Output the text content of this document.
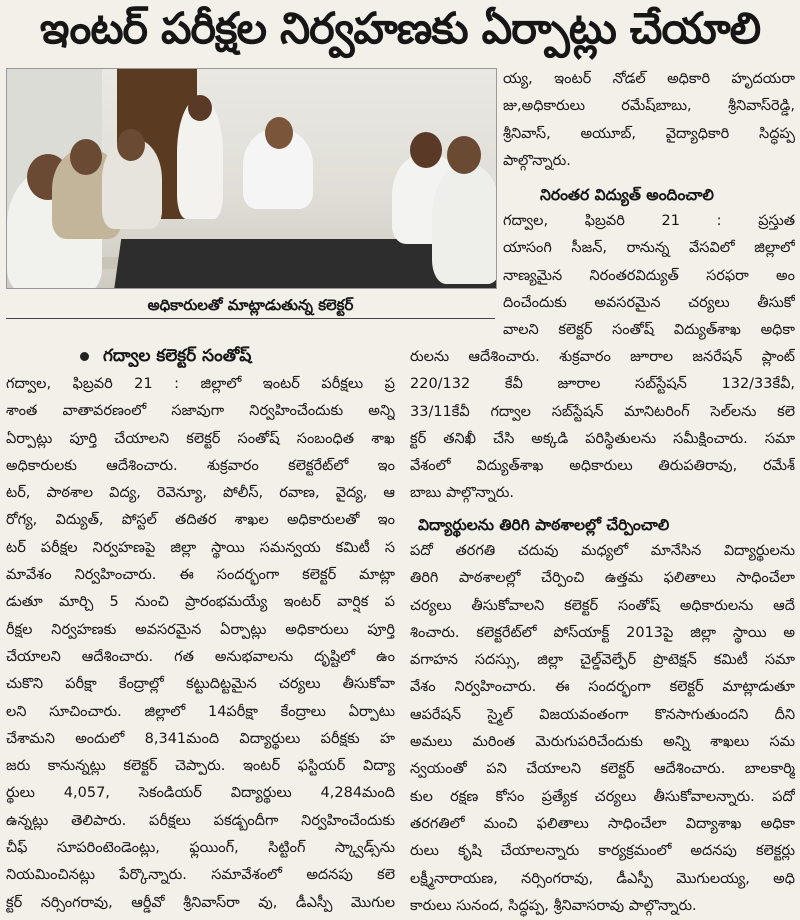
ఇంటర్ పరీక్షల నిర్వహణకు ఏర్పాట్లు చేయాలి
అధికారులతో మాట్లాడుతున్న కలెక్టర్
గద్వాల కలెక్టర్ సంతోష్
గద్వాల, ఫిబ్రవరి 21 : జిల్లాలో ఇంటర్ పరీక్షలు ప్ర
శాంత వాతావరణంలో సజావుగా నిర్వహించేందుకు అన్ని
ఏర్పాట్లు పూర్తి చేయాలని కలెక్టర్ సంతోష్ సంబంధిత శాఖ
అధికారులకు ఆదేశించారు. శుక్రవారం కలెక్టరేట్‌లో ఇం
టర్, పాఠశాల విద్య, రెవెన్యూ, పోలీస్, రవాణ, వైద్య, ఆ
రోగ్య, విద్యుత్, పోస్టల్ తదితర శాఖల అధికారులతో ఇం
టర్ పరీక్షల నిర్వహణపై జిల్లా స్థాయి సమన్వయ కమిటీ స
మావేశం నిర్వహించారు. ఈ సందర్భంగా కలెక్టర్ మాట్లా
డుతూ మార్చి 5 నుంచి ప్రారంభమయ్యే ఇంటర్ వార్షిక ప
రీక్షల నిర్వహణకు అవసరమైన ఏర్పాట్లు అధికారులు పూర్తి
చేయాలని ఆదేశించారు. గత అనుభవాలను దృష్టిలో ఉం
చుకొని పరీక్షా కేంద్రాల్లో కట్టుదిట్టమైన చర్యలు తీసుకోవా
లని సూచించారు. జిల్లాలో 14పరీక్షా కేంద్రాలు ఏర్పాటు
చేశామని అందులో 8,341మంది విద్యార్థులు పరీక్షకు హ
జరు కానున్నట్లు కలెక్టర్ చెప్పారు. ఇంటర్ ఫస్టియర్ విద్యా
ర్థులు 4,057, సెకండియర్ విద్యార్థులు 4,284మంది
ఉన్నట్లు తెలిపారు. పరీక్షలు పకడ్బందీగా నిర్వహించేందుకు
చీఫ్ సూపరింటెండెంట్లు, ఫ్లయింగ్, సిట్టింగ్ స్క్వాడ్స్‌ను
నియమించినట్లు పేర్కొన్నారు. సమావేశంలో అదనపు కలె
క్టర్ నర్సింగరావు, ఆర్డీవో శ్రీనివాస్‌రా వు, డీఎస్పీ మొగుల
య్య, ఇంటర్ నోడల్ అధికారి హృదయరా
జు,అధికారులు రమేష్‌బాబు, శ్రీనివాస్‌రెడ్డి,
శ్రీనివాస్, అయూబ్, వైద్యాధికారి సిద్ధప్ప
పాల్గొన్నారు.
నిరంతర విద్యుత్ అందించాలి
గద్వాల, ఫిబ్రవరి 21 : ప్రస్తుత
యాసంగి సీజన్, రానున్న వేసవిలో జిల్లాలో
నాణ్యమైన నిరంతరవిద్యుత్ సరఫరా అం
దించేందుకు అవసరమైన చర్యలు తీసుకో
వాలని కలెక్టర్ సంతోష్ విద్యుత్‌శాఖ అధికా
రులను ఆదేశించారు. శుక్రవారం జూరాల జనరేషన్ ప్లాంట్
220/132 కేవీ జూరాల సబ్‌స్టేషన్ 132/33కేవీ,
33/11కేవీ గద్వాల సబ్‌స్టేషన్ మానిటరింగ్ సెల్‌లను కలె
క్టర్ తనిఖీ చేసి అక్కడి పరిస్థితులను సమీక్షించారు. సమా
వేశంలో విద్యుత్‌శాఖ అధికారులు తిరుపతిరావు, రమేశ్
బాబు పాల్గొన్నారు.
విద్యార్థులను తిరిగి పాఠశాలల్లో చేర్పించాలి
పదో తరగతి చదువు మధ్యలో మానేసిన విద్యార్థులను
తిరిగి పాఠశాలల్లో చేర్పించి ఉత్తమ ఫలితాలు సాధించేలా
చర్యలు తీసుకోవాలని కలెక్టర్ సంతోష్ అధికారులను ఆదే
శించారు. కలెక్టరేట్‌లో పోస్‌యాక్ట్ 2013పై జిల్లా స్థాయి అ
వగాహన సదస్సు, జిల్లా చైల్డ్‌వెల్ఫేర్ ప్రొటెక్షన్ కమిటీ సమా
వేశం నిర్వహించారు. ఈ సందర్భంగా కలెక్టర్ మాట్లాడుతూ
ఆపరేషన్ స్మైల్ విజయవంతంగా కొనసాగుతుందని దీని
అమలు మరింత మెరుగుపరిచేందుకు అన్ని శాఖలు సమ
న్వయంతో పని చేయాలని కలెక్టర్ ఆదేశించారు. బాలకార్మి
కుల రక్షణ కోసం ప్రత్యేక చర్యలు తీసుకోవాలన్నారు. పదో
తరగతిలో మంచి ఫలితాలు సాధించేలా విద్యాశాఖ అధికా
రులు కృషి చేయాలన్నారు కార్యక్రమంలో అదనపు కలెక్టర్లు
లక్ష్మీనారాయణ, నర్సింగరావు, డీఎస్పీ మొగులయ్య, అధి
కారులు సునంద, సిద్ధప్ప, శ్రీనివాసరావు పాల్గొన్నారు.
